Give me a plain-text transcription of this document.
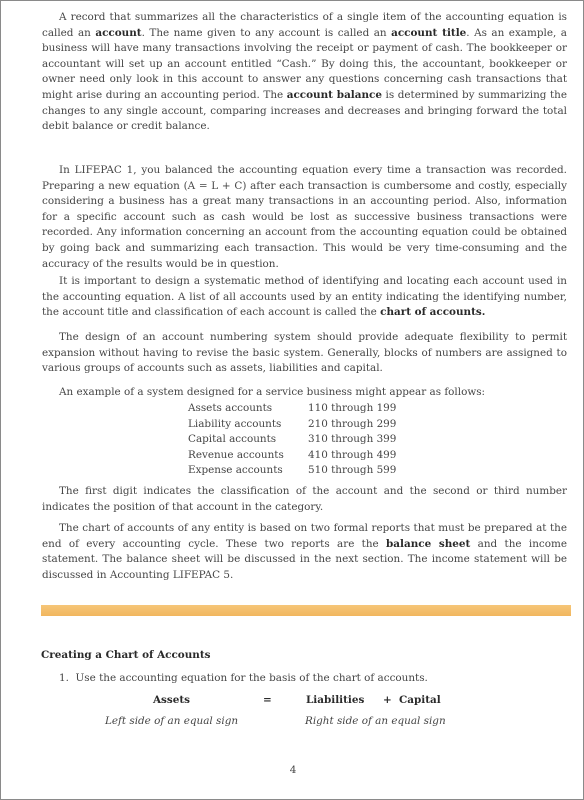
A record that summarizes all the characteristics of a single item of the accounting equation is called an account. The name given to any account is called an account title. As an example, a business will have many transactions involving the receipt or payment of cash. The bookkeeper or accountant will set up an account entitled “Cash.” By doing this, the accountant, bookkeeper or owner need only look in this account to answer any questions concerning cash transactions that might arise during an accounting period. The account balance is determined by summarizing the changes to any single account, comparing increases and decreases and bringing forward the total debit balance or credit balance.

In LIFEPAC 1, you balanced the accounting equation every time a transaction was recorded. Preparing a new equation (A = L + C) after each transaction is cumbersome and costly, especially considering a business has a great many transactions in an accounting period. Also, information for a specific account such as cash would be lost as successive business transactions were recorded. Any information concerning an account from the accounting equation could be obtained by going back and summarizing each transaction. This would be very time-consuming and the accuracy of the results would be in question.

It is important to design a systematic method of identifying and locating each account used in the accounting equation. A list of all accounts used by an entity indicating the identifying number, the account title and classification of each account is called the chart of accounts.

The design of an account numbering system should provide adequate flexibility to permit expansion without having to revise the basic system. Generally, blocks of numbers are assigned to various groups of accounts such as assets, liabilities and capital.

An example of a system designed for a service business might appear as follows:

Assets accounts	110 through 199
Liability accounts	210 through 299
Capital accounts	310 through 399
Revenue accounts	410 through 499
Expense accounts	510 through 599

The first digit indicates the classification of the account and the second or third number indicates the position of that account in the category.

The chart of accounts of any entity is based on two formal reports that must be prepared at the end of every accounting cycle. These two reports are the balance sheet and the income statement. The balance sheet will be discussed in the next section. The income statement will be discussed in Accounting LIFEPAC 5.

Creating a Chart of Accounts
1. Use the accounting equation for the basis of the chart of accounts.
Assets	=	Liabilities + Capital
Left side of an equal sign	Right side of an equal sign
4
